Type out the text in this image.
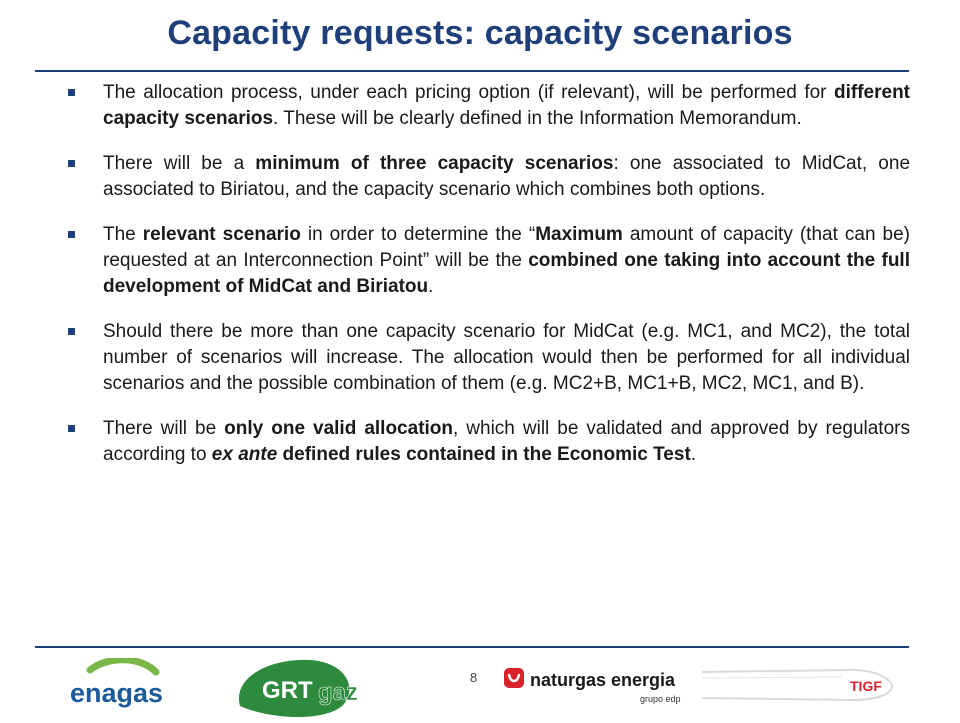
Capacity requests: capacity scenarios
The allocation process, under each pricing option (if relevant), will be performed for different capacity scenarios. These will be clearly defined in the Information Memorandum.
There will be a minimum of three capacity scenarios: one associated to MidCat, one associated to Biriatou, and the capacity scenario which combines both options.
The relevant scenario in order to determine the “Maximum amount of capacity (that can be) requested at an Interconnection Point” will be the combined one taking into account the full development of MidCat and Biriatou.
Should there be more than one capacity scenario for MidCat (e.g. MC1, and MC2), the total number of scenarios will increase. The allocation would then be performed for all individual scenarios and the possible combination of them (e.g. MC2+B, MC1+B, MC2, MC1, and B).
There will be only one valid allocation, which will be validated and approved by regulators according to ex ante defined rules contained in the Economic Test.
enagas	GRT gaz
8	naturgas energia
grupo edp
TIGF
